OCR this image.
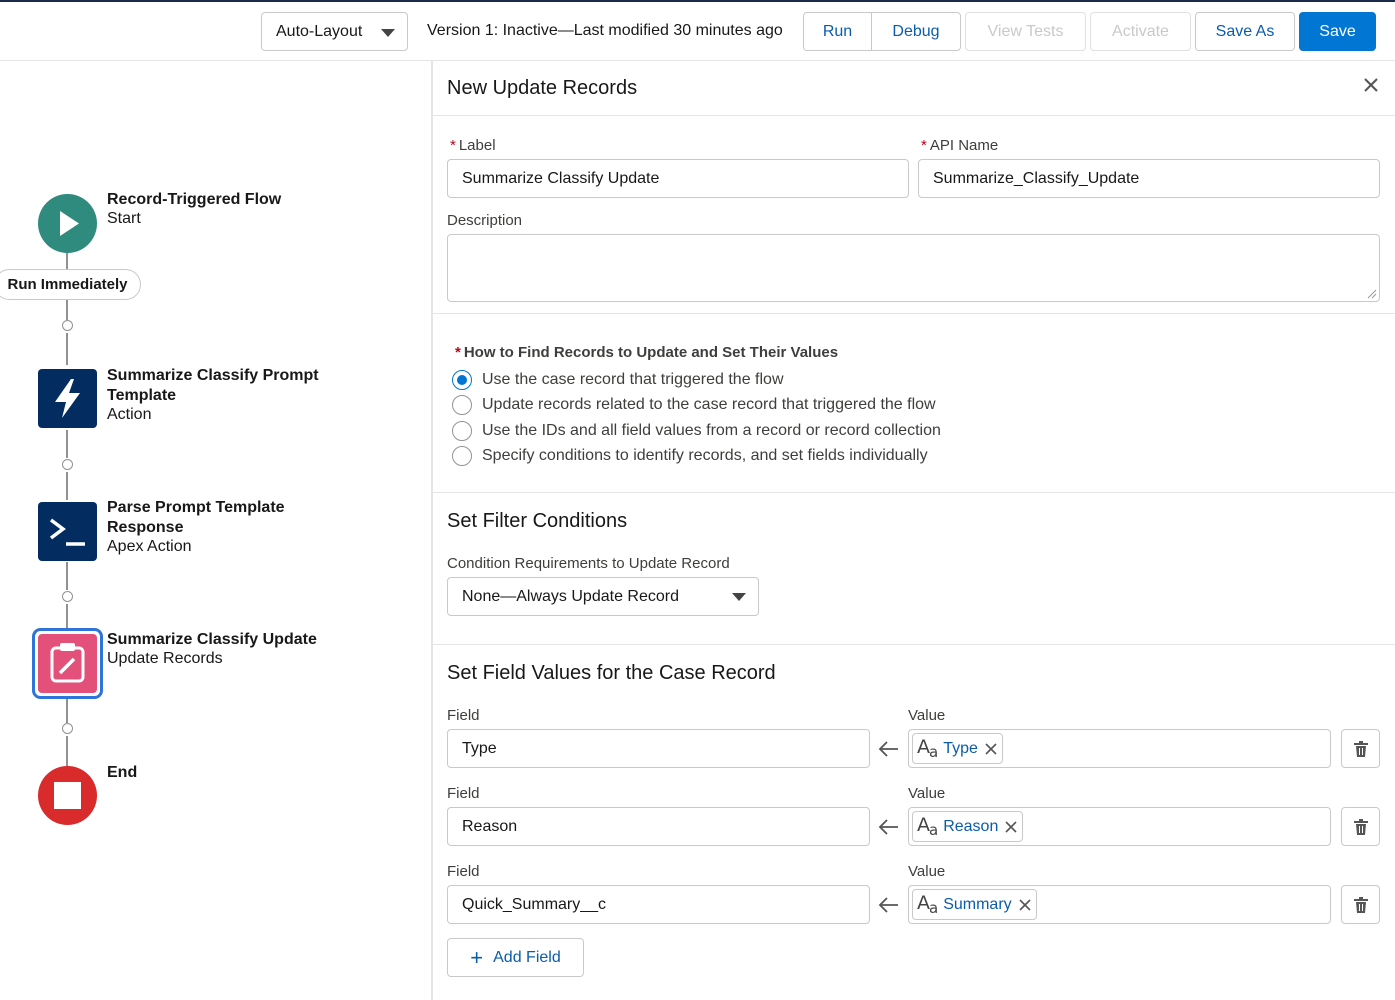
Auto-Layout	Version 1: Inactive—Last modified 30 minutes ago	Run	Debug	View Tests	Activate	Save As	Save
Record-Triggered Flow
Start
Run Immediately
Summarize Classify Prompt
Template
Action
Parse Prompt Template
Response
Apex Action
Summarize Classify Update
Update Records
End
New Update Records
* Label
Summarize Classify Update
* API Name
Summarize_Classify_Update
Description
* How to Find Records to Update and Set Their Values
Use the case record that triggered the flow
Update records related to the case record that triggered the flow
Use the IDs and all field values from a record or record collection
Specify conditions to identify records, and set fields individually
Set Filter Conditions
Condition Requirements to Update Record
None—Always Update Record
Set Field Values for the Case Record
Field	Value
Type	$A_a$ Type
Field	Value
Reason	$A_a$ Reason
Field	Value
Quick_Summary__c	$A_a$ Summary
+ Add Field
